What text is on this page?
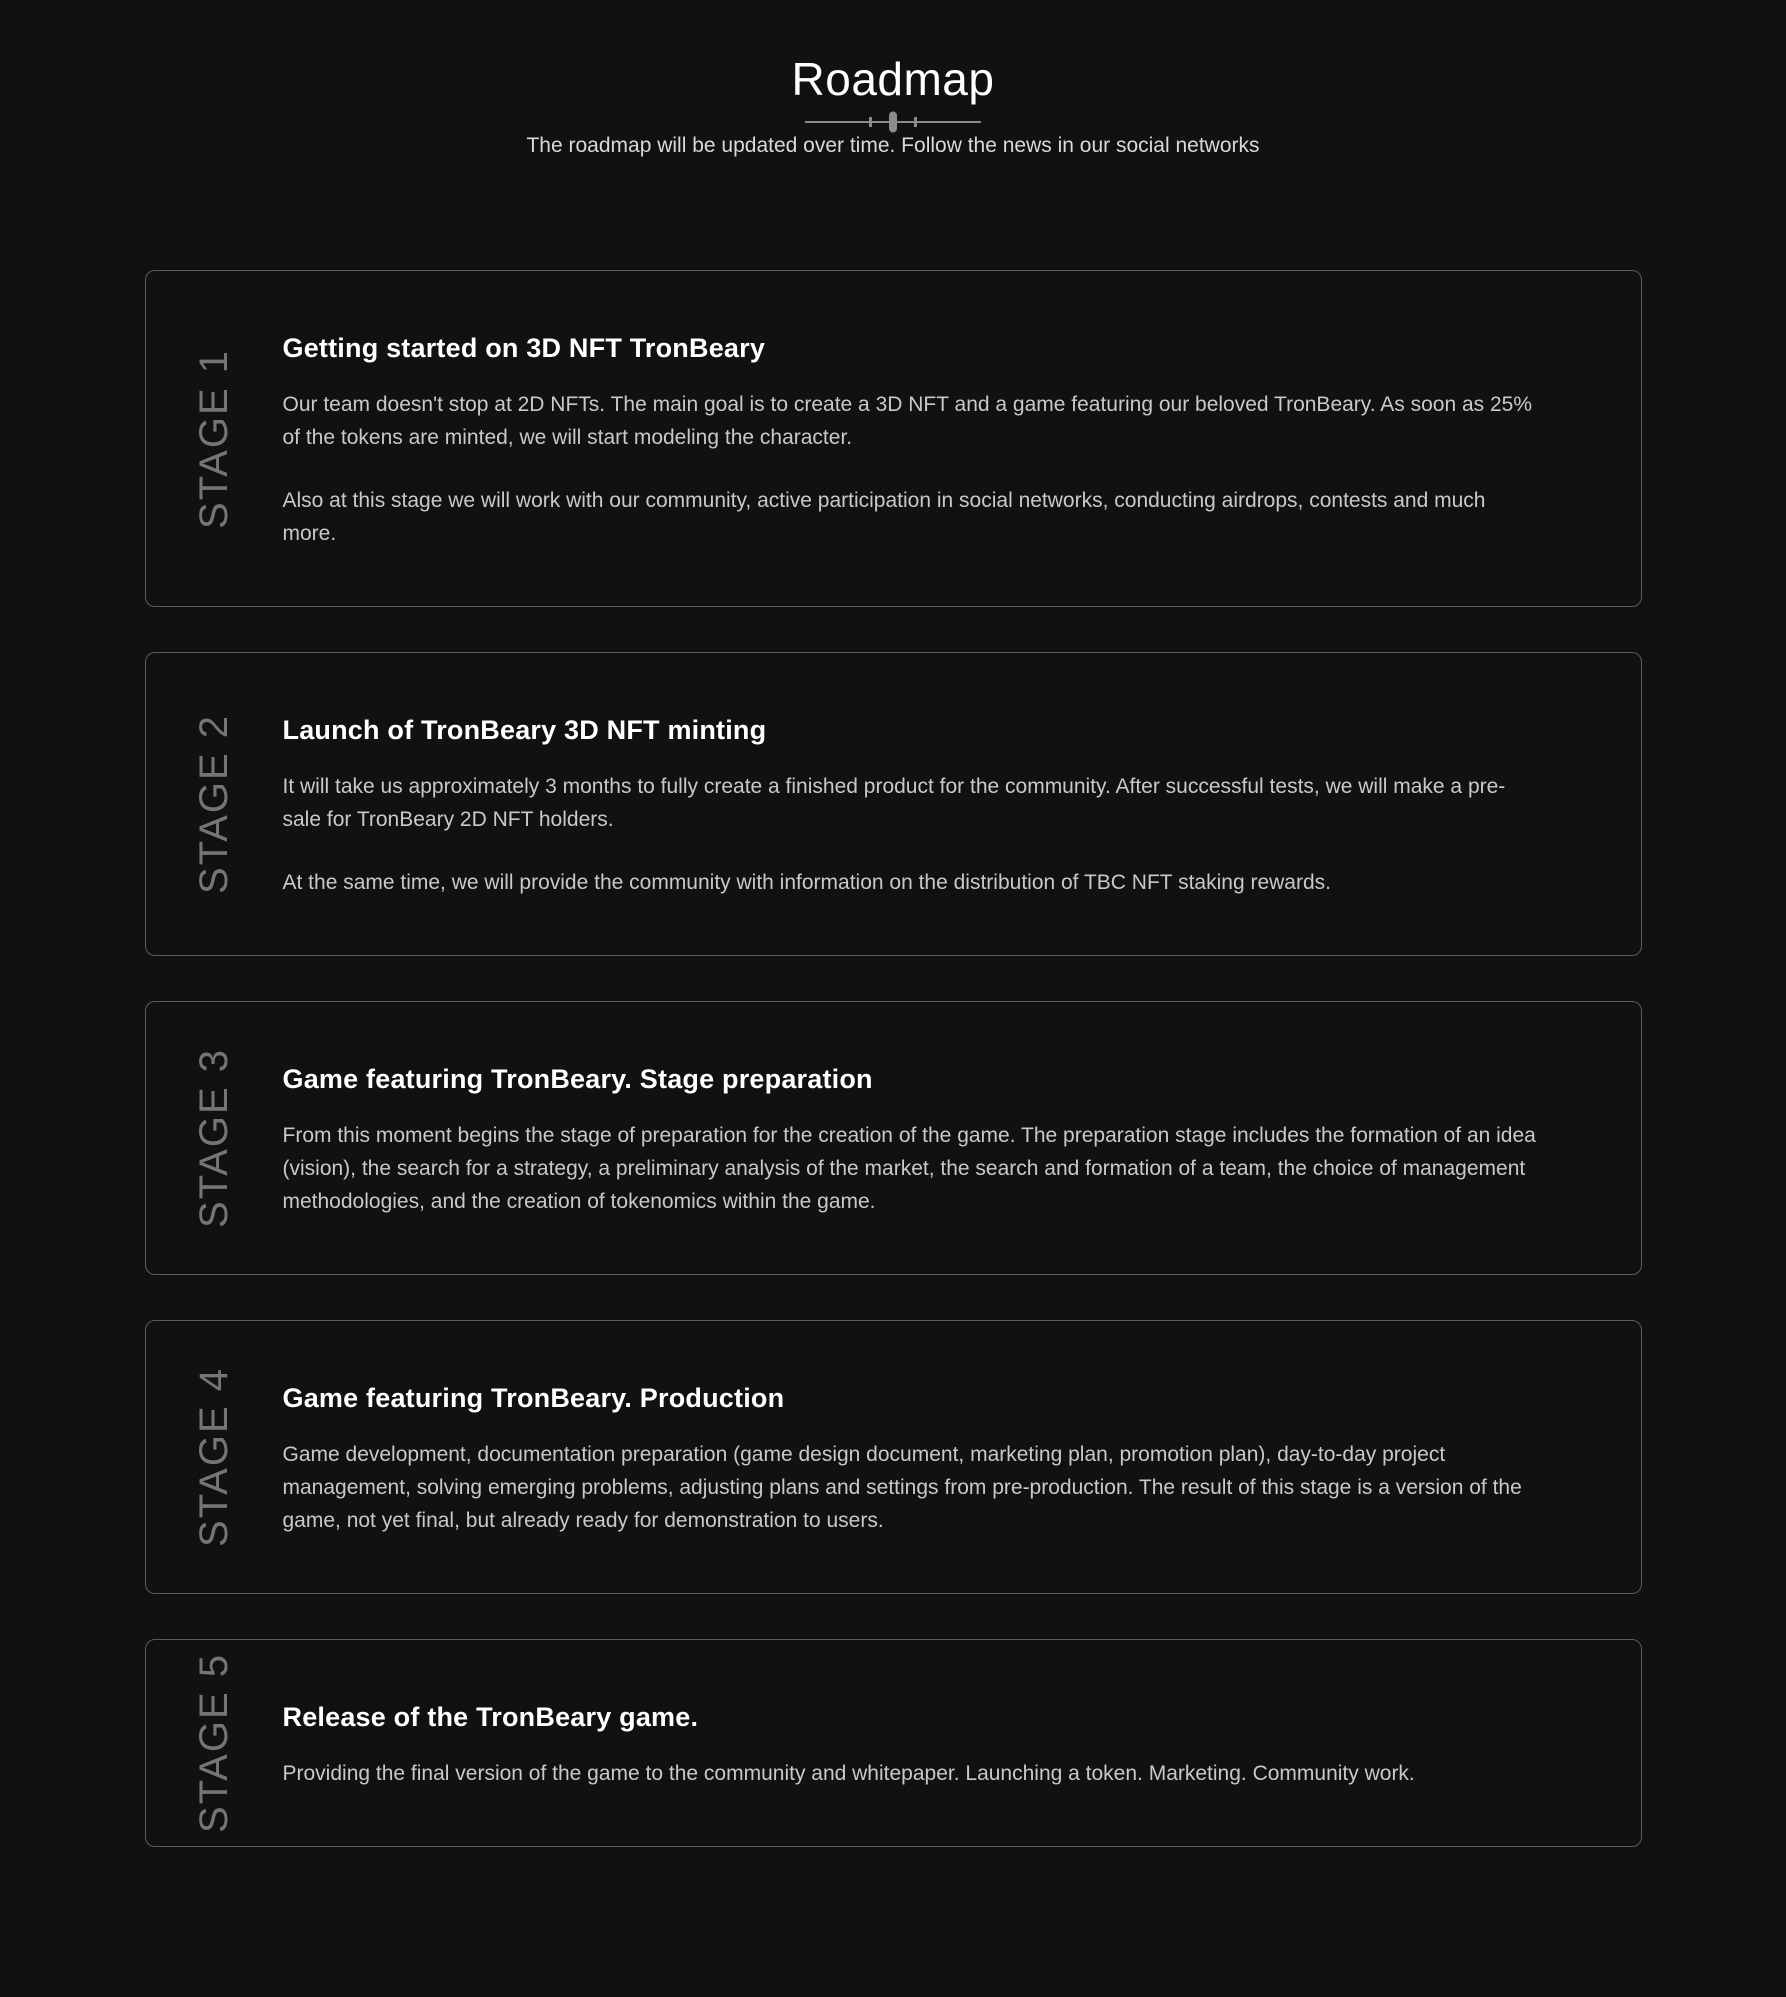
Roadmap

The roadmap will be updated over time. Follow the news in our social networks

STAGE 1
Getting started on 3D NFT TronBeary

Our team doesn't stop at 2D NFTs. The main goal is to create a 3D NFT and a game featuring our beloved TronBeary. As soon as 25% of the tokens are minted, we will start modeling the character.

Also at this stage we will work with our community, active participation in social networks, conducting airdrops, contests and much more.

STAGE 2 Launch of TronBeary 3D NFT minting

It will take us approximately 3 months to fully create a finished product for the community. After successful tests, we will make a pre-sale for TronBeary 2D NFT holders.

At the same time, we will provide the community with information on the distribution of TBC NFT staking rewards.

STAGE 3 Game featuring TronBeary. Stage preparation

From this moment begins the stage of preparation for the creation of the game. The preparation stage includes the formation of an idea (vision), the search for a strategy, a preliminary analysis of the market, the search and formation of a team, the choice of management methodologies, and the creation of tokenomics within the game.

STAGE 4 Game featuring TronBeary. Production

Game development, documentation preparation (game design document, marketing plan, promotion plan), day-to-day project management, solving emerging problems, adjusting plans and settings from pre-production. The result of this stage is a version of the game, not yet final, but already ready for demonstration to users.

STAGE 5 Release of the TronBeary game.

Providing the final version of the game to the community and whitepaper. Launching a token. Marketing. Community work.
